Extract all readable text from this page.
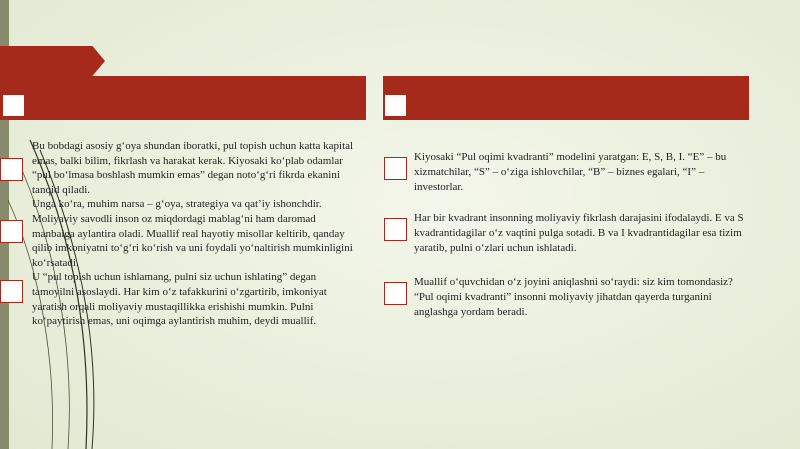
Bu bobdagi asosiy g‘oya shundan iboratki, pul topish uchun katta kapital emas, balki bilim, fikrlash va harakat kerak. Kiyosaki ko‘plab odamlar “pul bo‘lmasa boshlash mumkin emas” degan noto‘g‘ri fikrda ekanini tanqid qiladi.

Unga ko‘ra, muhim narsa – g‘oya, strategiya va qat’iy ishonchdir. Moliyaviy savodli inson oz miqdordagi mablag‘ni ham daromad manbaiga aylantira oladi. Muallif real hayotiy misollar keltirib, qanday qilib imkoniyatni to‘g‘ri ko‘rish va uni foydali yo‘naltirish mumkinligini ko‘rsatadi.

U “pul topish uchun ishlamang, pulni siz uchun ishlating” degan tamoyilni asoslaydi. Har kim o‘z tafakkurini o‘zgartirib, imkoniyat yaratish orqali moliyaviy mustaqillikka erishishi mumkin. Pulni ko‘paytirish emas, uni oqimga aylantirish muhim, deydi muallif.

Kiyosaki “Pul oqimi kvadranti” modelini yaratgan: E, S, B, I. “E” – bu xizmatchilar, “S” – o‘ziga ishlovchilar, “B” – biznes egalari, “I” – investorlar.

Har bir kvadrant insonning moliyaviy fikrlash darajasini ifodalaydi. E va S kvadrantidagilar o‘z vaqtini pulga sotadi. B va I kvadrantidagilar esa tizim yaratib, pulni o‘zlari uchun ishlatadi.

Muallif o‘quvchidan o‘z joyini aniqlashni so‘raydi: siz kim tomondasiz? “Pul oqimi kvadranti” insonni moliyaviy jihatdan qayerda turganini anglashga yordam beradi.
